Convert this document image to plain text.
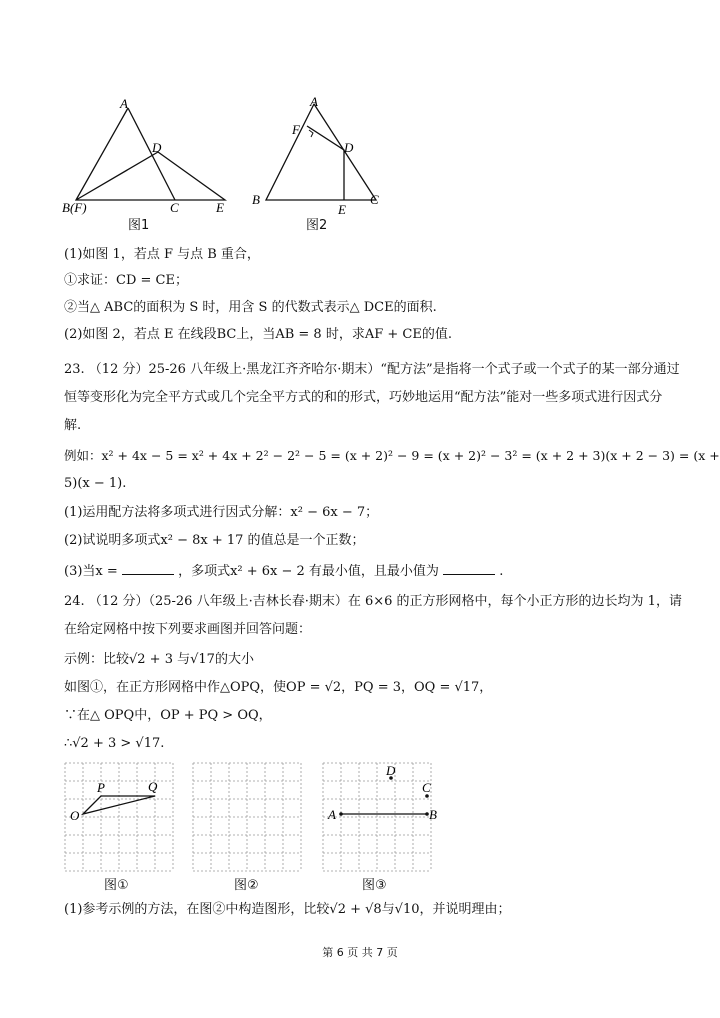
A
D
B(F)	C	E
图1
A
F
D
B
E
C
图2
(1)如图 1，若点 F 与点 B 重合，
①求证：CD = CE；
②当△ ABC的面积为 S 时，用含 S 的代数式表示△ DCE的面积.
(2)如图 2，若点 E 在线段BC上，当AB = 8 时，求AF + CE的值.
23. （12 分）25-26 八年级上·黑龙江齐齐哈尔·期末）“配方法”是指将一个式子或一个式子的某一部分通过
恒等变形化为完全平方式或几个完全平方式的和的形式，巧妙地运用“配方法”能对一些多项式进行因式分
解.
例如：x² + 4x − 5 = x² + 4x + 2² − 2² − 5 = (x + 2)² − 9 = (x + 2)² − 3² = (x + 2 + 3)(x + 2 − 3) = (x +
5)(x − 1).
(1)运用配方法将多项式进行因式分解：x² − 6x − 7；
(2)试说明多项式x² − 8x + 17 的值总是一个正数；
(3)当x =	，多项式x² + 6x − 2 有最小值，且最小值为	.
24. （12 分）（25-26 八年级上·吉林长春·期末）在 6×6 的正方形网格中，每个小正方形的边长均为 1，请
在给定网格中按下列要求画图并回答问题：
示例：比较√2 + 3 与√17的大小
如图①，在正方形网格中作△OPQ，使OP = √2，PQ = 3，OQ = √17，
∵在△ OPQ中，OP + PQ > OQ，
∴√2 + 3 > √17.
O
P	Q
图①	图②
A	B
C
D
图③
(1)参考示例的方法，在图②中构造图形，比较√2 + √8与√10，并说明理由；
第 6 页 共 7 页
